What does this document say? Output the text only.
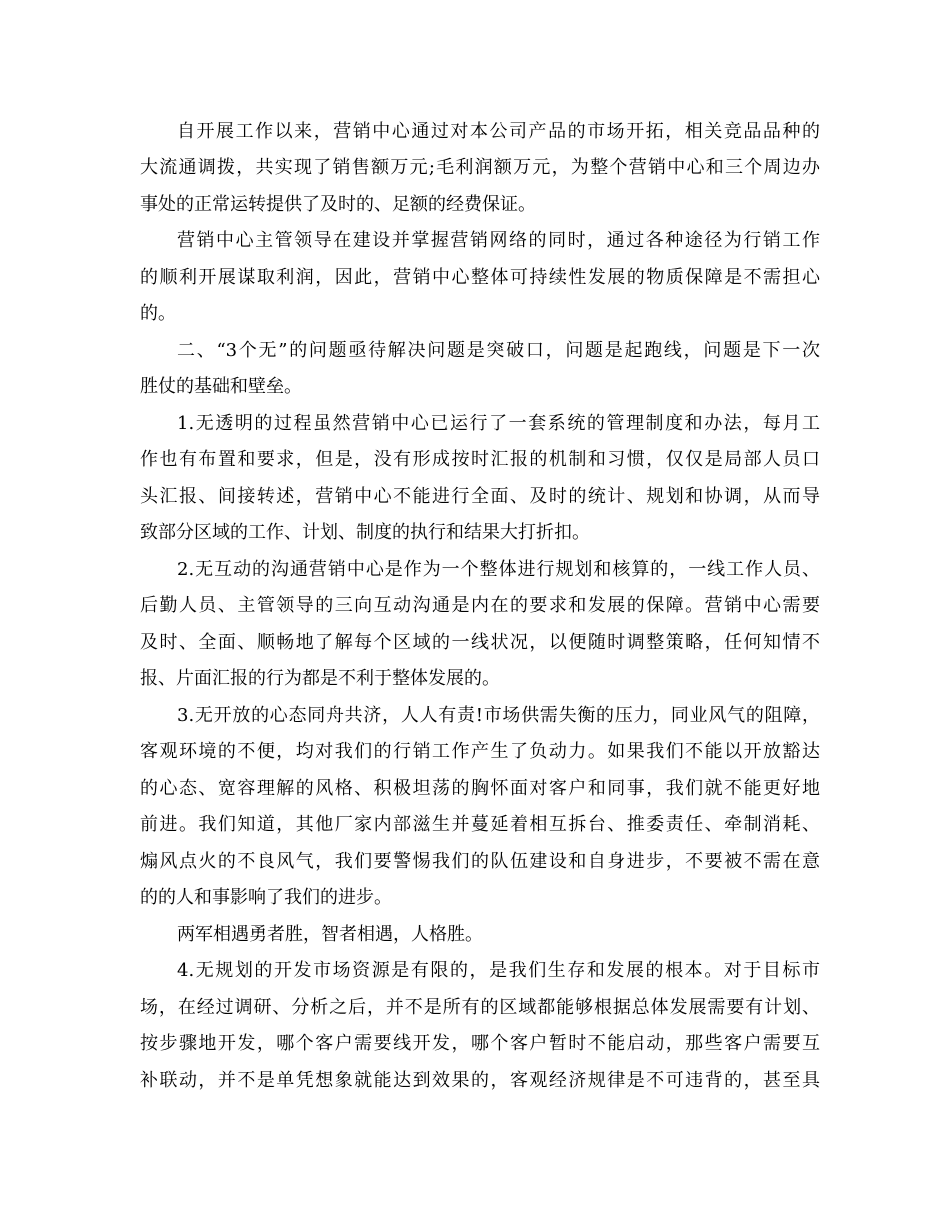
自开展工作以来，营销中心通过对本公司产品的市场开拓，相关竞品品种的
大流通调拨，共实现了销售额万元;毛利润额万元，为整个营销中心和三个周边办
事处的正常运转提供了及时的、足额的经费保证。
营销中心主管领导在建设并掌握营销网络的同时，通过各种途径为行销工作
的顺利开展谋取利润，因此，营销中心整体可持续性发展的物质保障是不需担心
的。
二、“3个无”的问题亟待解决问题是突破口，问题是起跑线，问题是下一次
胜仗的基础和壁垒。
1.无透明的过程虽然营销中心已运行了一套系统的管理制度和办法，每月工
作也有布置和要求，但是，没有形成按时汇报的机制和习惯，仅仅是局部人员口
头汇报、间接转述，营销中心不能进行全面、及时的统计、规划和协调，从而导
致部分区域的工作、计划、制度的执行和结果大打折扣。
2.无互动的沟通营销中心是作为一个整体进行规划和核算的，一线工作人员、
后勤人员、主管领导的三向互动沟通是内在的要求和发展的保障。营销中心需要
及时、全面、顺畅地了解每个区域的一线状况，以便随时调整策略，任何知情不
报、片面汇报的行为都是不利于整体发展的。
3.无开放的心态同舟共济，人人有责!市场供需失衡的压力，同业风气的阻障，
客观环境的不便，均对我们的行销工作产生了负动力。如果我们不能以开放豁达
的心态、宽容理解的风格、积极坦荡的胸怀面对客户和同事，我们就不能更好地
前进。我们知道，其他厂家内部滋生并蔓延着相互拆台、推委责任、牵制消耗、
煽风点火的不良风气，我们要警惕我们的队伍建设和自身进步，不要被不需在意
的的人和事影响了我们的进步。
两军相遇勇者胜，智者相遇，人格胜。
4.无规划的开发市场资源是有限的，是我们生存和发展的根本。对于目标市
场，在经过调研、分析之后，并不是所有的区域都能够根据总体发展需要有计划、
按步骤地开发，哪个客户需要线开发，哪个客户暂时不能启动，那些客户需要互
补联动，并不是单凭想象就能达到效果的，客观经济规律是不可违背的，甚至具
